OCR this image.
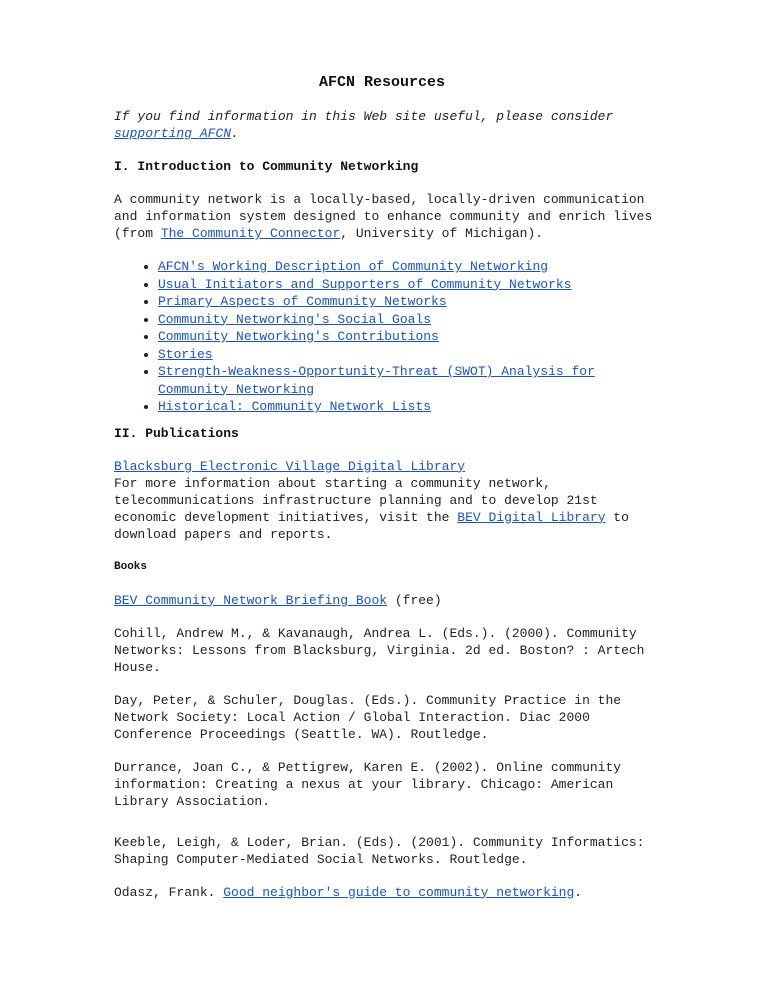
AFCN Resources

If you find information in this Web site useful, please consider supporting AFCN.

I. Introduction to Community Networking

A community network is a locally-based, locally-driven communication and information system designed to enhance community and enrich lives (from The Community Connector, University of Michigan).

• AFCN's Working Description of Community Networking
• Usual Initiators and Supporters of Community Networks
• Primary Aspects of Community Networks
• Community Networking's Social Goals
• Community Networking's Contributions
• Stories
• Strength-Weakness-Opportunity-Threat (SWOT) Analysis for Community Networking
• Historical: Community Network Lists
II. Publications

Blacksburg Electronic Village Digital Library
For more information about starting a community network, telecommunications infrastructure planning and to develop 21st economic development initiatives, visit the BEV Digital Library to download papers and reports.

Books

BEV Community Network Briefing Book (free)

Cohill, Andrew M., & Kavanaugh, Andrea L. (Eds.). (2000). Community Networks: Lessons from Blacksburg, Virginia. 2d ed. Boston? : Artech House.

Day, Peter, & Schuler, Douglas. (Eds.). Community Practice in the Network Society: Local Action / Global Interaction. Diac 2000 Conference Proceedings (Seattle. WA). Routledge.

Durrance, Joan C., & Pettigrew, Karen E. (2002). Online community information: Creating a nexus at your library. Chicago: American Library Association.

Keeble, Leigh, & Loder, Brian. (Eds). (2001). Community Informatics: Shaping Computer-Mediated Social Networks. Routledge.

Odasz, Frank. Good neighbor's guide to community networking.
